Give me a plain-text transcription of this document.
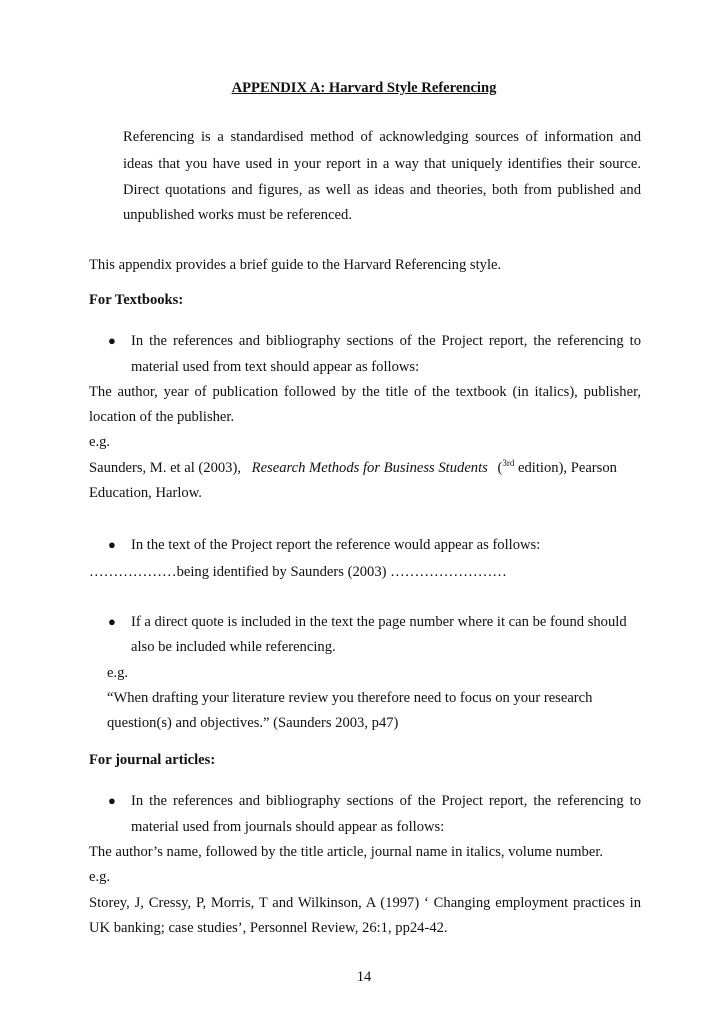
APPENDIX A: Harvard Style Referencing
Referencing is a standardised method of acknowledging sources of information and
ideas that you have used in your report in a way that uniquely identifies their source.
Direct quotations and figures, as well as ideas and theories, both from published and
unpublished works must be referenced.
This appendix provides a brief guide to the Harvard Referencing style.
For Textbooks:
● In the references and bibliography sections of the Project report, the referencing to
material used from text should appear as follows:
The author, year of publication followed by the title of the textbook (in italics), publisher,
location of the publisher.
e.g.
Saunders, M. et al (2003), Research Methods for Business Students ($^{3rd}$ edition), Pearson
Education, Harlow.
● In the text of the Project report the reference would appear as follows:
………………being identified by Saunders (2003) ……………………
● If a direct quote is included in the text the page number where it can be found should
also be included while referencing.
e.g.
“When drafting your literature review you therefore need to focus on your research
question(s) and objectives.” (Saunders 2003, p47)
For journal articles:
● In the references and bibliography sections of the Project report, the referencing to
material used from journals should appear as follows:
The author’s name, followed by the title article, journal name in italics, volume number.
e.g.
Storey, J, Cressy, P, Morris, T and Wilkinson, A (1997) ‘ Changing employment practices in
UK banking; case studies’, Personnel Review, 26:1, pp24-42.
14
